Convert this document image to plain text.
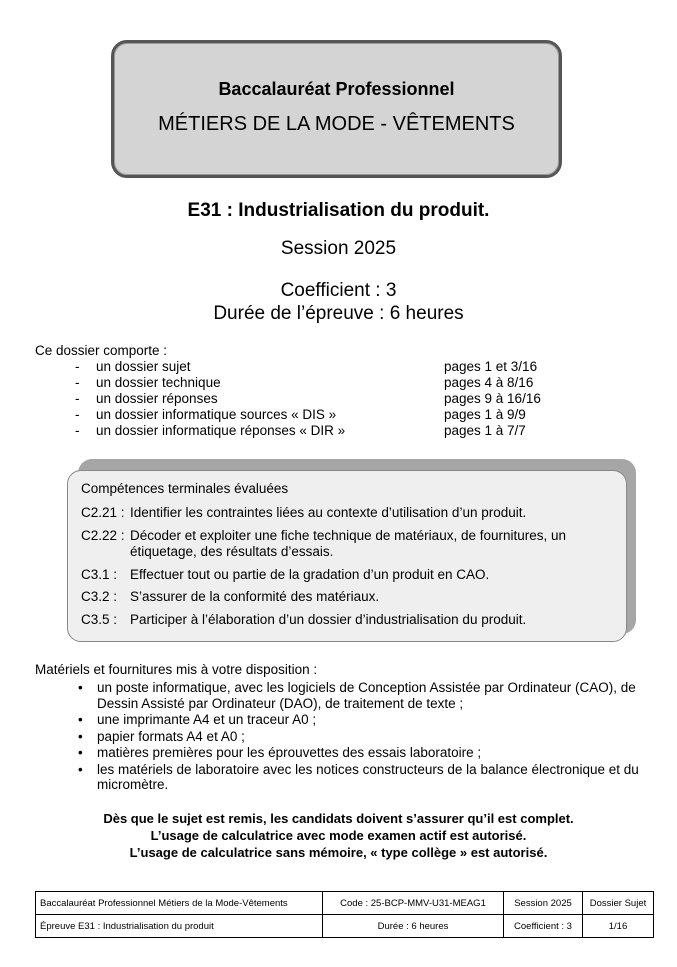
Baccalauréat Professionnel
MÉTIERS DE LA MODE - VÊTEMENTS
E31 : Industrialisation du produit.
Session 2025
Coefficient : 3
Durée de l’épreuve : 6 heures
Ce dossier comporte :
- un dossier sujet	pages 1 et 3/16
- un dossier technique	pages 4 à 8/16
- un dossier réponses	pages 9 à 16/16
- un dossier informatique sources « DIS »	pages 1 à 9/9
- un dossier informatique réponses « DIR »	pages 1 à 7/7
Compétences terminales évaluées
C2.21 : Identifier les contraintes liées au contexte d’utilisation d’un produit.
C2.22 : Décoder et exploiter une fiche technique de matériaux, de fournitures, un étiquetage, des résultats d’essais.
C3.1 : Effectuer tout ou partie de la gradation d’un produit en CAO.
C3.2 : S’assurer de la conformité des matériaux.
C3.5 : Participer à l’élaboration d’un dossier d’industrialisation du produit.
Matériels et fournitures mis à votre disposition :
• un poste informatique, avec les logiciels de Conception Assistée par Ordinateur (CAO), de Dessin Assisté par Ordinateur (DAO), de traitement de texte ;
• une imprimante A4 et un traceur A0 ;
• papier formats A4 et A0 ;
• matières premières pour les éprouvettes des essais laboratoire ;
• les matériels de laboratoire avec les notices constructeurs de la balance électronique et du micromètre.
Dès que le sujet est remis, les candidats doivent s’assurer qu’il est complet.
L’usage de calculatrice avec mode examen actif est autorisé.
L’usage de calculatrice sans mémoire, « type collège » est autorisé.
Baccalauréat Professionnel Métiers de la Mode-Vêtements	Code : 25-BCP-MMV-U31-MEAG1	Session 2025	Dossier Sujet
Épreuve E31 : Industrialisation du produit	Durée : 6 heures	Coefficient : 3	1/16
